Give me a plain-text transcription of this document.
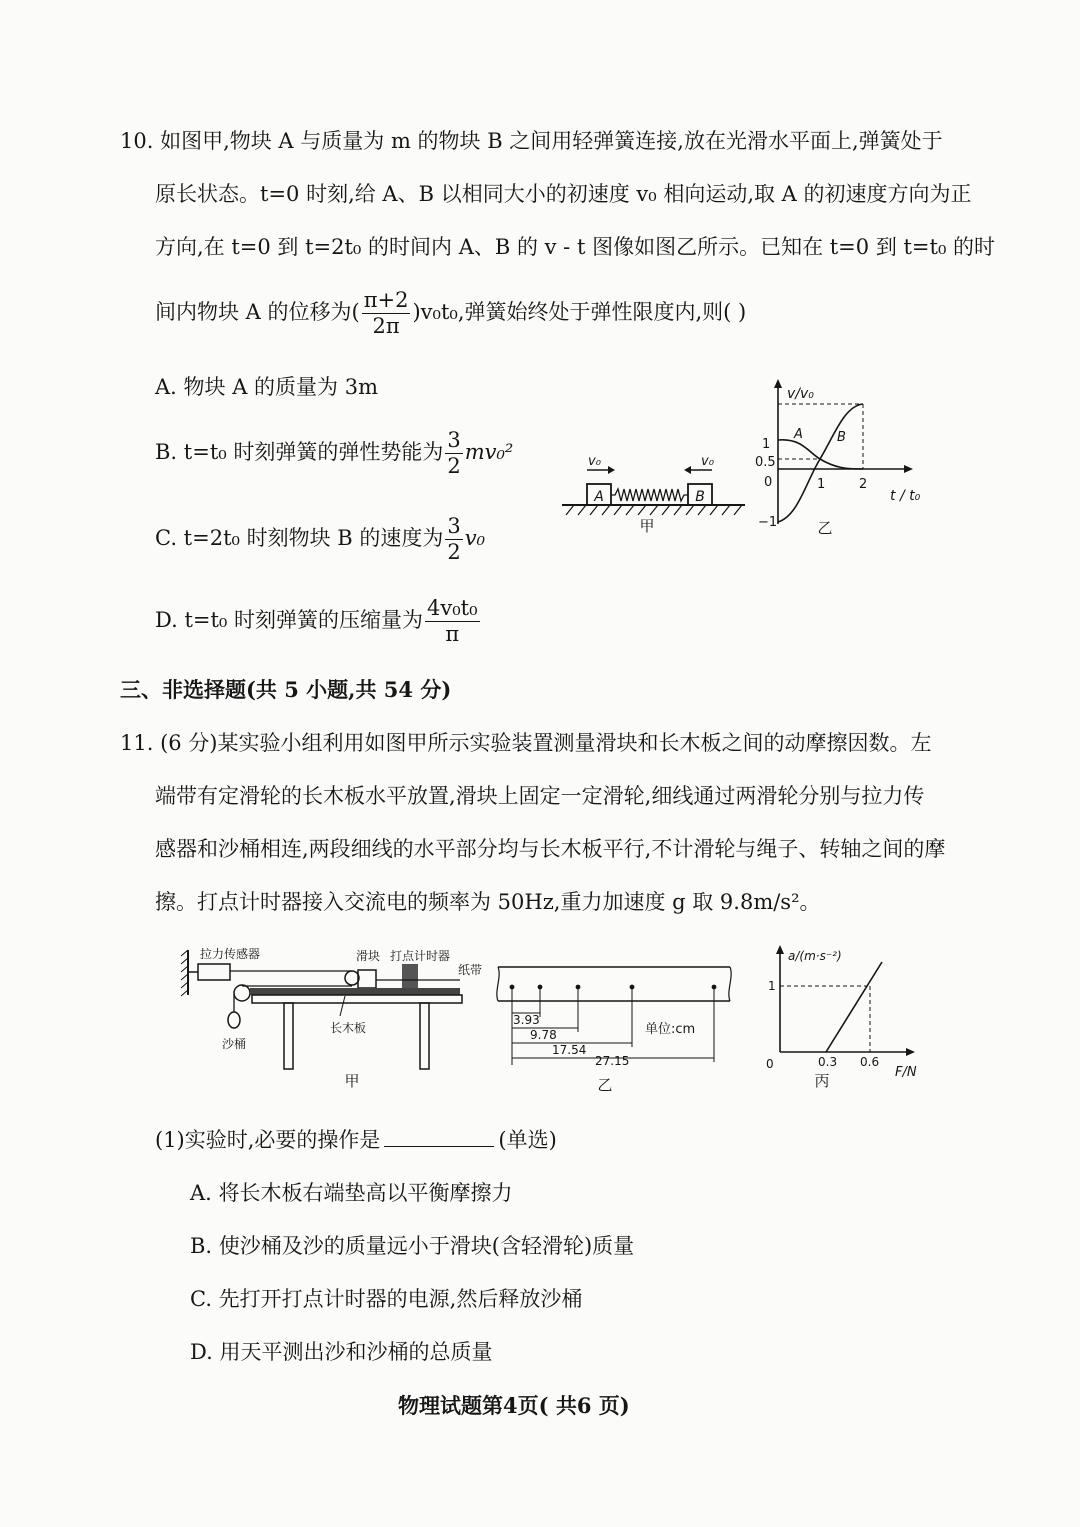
10. 如图甲,物块 A 与质量为 m 的物块 B 之间用轻弹簧连接,放在光滑水平面上,弹簧处于
原长状态。t=0 时刻,给 A、B 以相同大小的初速度 v₀ 相向运动,取 A 的初速度方向为正
方向,在 t=0 到 t=2t₀ 的时间内 A、B 的 v - t 图像如图乙所示。已知在 t=0 到 t=t₀ 的时
间内物块 A 的位移为( $\frac{\pi+2}{2\pi} )v_0t_0$,弹簧始终处于弹性限度内,则( )
A. 物块 A 的质量为 3m
B. t=t₀ 时刻弹簧的弹性势能为 $\frac{3}{2} mv_0^2$
C. t=2t₀ 时刻物块 B 的速度为 $\frac{3}{2} v_0$
D. t=t₀ 时刻弹簧的压缩量为 $\frac{\text{4v₀t₀}}{\pi}$
A	B
v₀	v₀
甲
v/v₀
t / t₀
1
0.5
0
−1
1	2
A	B
乙
三、非选择题(共 5 小题,共 54 分)
11. (6 分)某实验小组利用如图甲所示实验装置测量滑块和长木板之间的动摩擦因数。左
端带有定滑轮的长木板水平放置,滑块上固定一定滑轮,细线通过两滑轮分别与拉力传
感器和沙桶相连,两段细线的水平部分均与长木板平行,不计滑轮与绳子、转轴之间的摩
擦。打点计时器接入交流电的频率为 50Hz,重力加速度 g 取 9.8m/s²。
拉力传感器	滑块 打点计时器
纸带
长木板
沙桶
甲
3.93
9.78
17.54
27.15
单位:cm
乙
a/(m·s⁻²)
F/N
0
1
0.3 0.6
丙
(1)实验时,必要的操作是	(单选)
A. 将长木板右端垫高以平衡摩擦力
B. 使沙桶及沙的质量远小于滑块(含轻滑轮)质量
C. 先打开打点计时器的电源,然后释放沙桶
D. 用天平测出沙和沙桶的总质量
物理试题第4页( 共6 页)
